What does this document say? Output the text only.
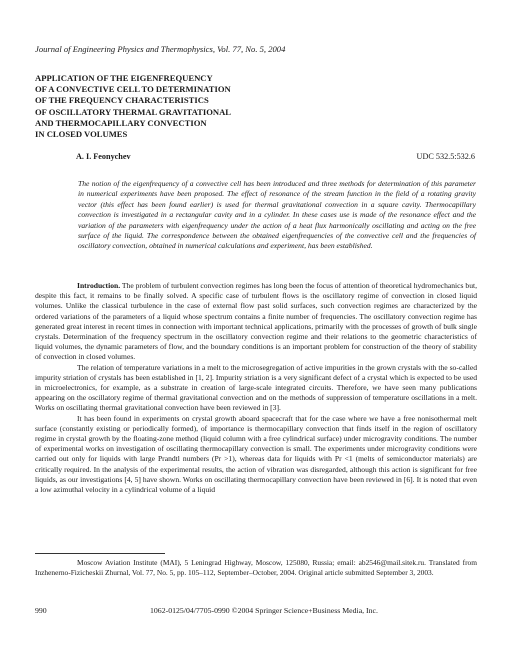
Journal of Engineering Physics and Thermophysics, Vol. 77, No. 5, 2004
APPLICATION OF THE EIGENFREQUENCY
OF A CONVECTIVE CELL TO DETERMINATION
OF THE FREQUENCY CHARACTERISTICS
OF OSCILLATORY THERMAL GRAVITATIONAL
AND THERMOCAPILLARY CONVECTION
IN CLOSED VOLUMES
A. I. Feonychev	UDC 532.5:532.6
The notion of the eigenfrequency of a convective cell has been introduced and three methods for determination of this parameter in numerical experiments have been proposed. The effect of resonance of the stream function in the field of a rotating gravity vector (this effect has been found earlier) is used for thermal gravitational convection in a square cavity. Thermocapillary convection is investigated in a rectangular cavity and in a cylinder. In these cases use is made of the resonance effect and the variation of the parameters with eigenfrequency under the action of a heat flux harmonically oscillating and acting on the free surface of the liquid. The correspondence between the obtained eigenfrequencies of the convective cell and the frequencies of oscillatory convection, obtained in numerical calculations and experiment, has been established.

Introduction. The problem of turbulent convection regimes has long been the focus of attention of theoretical hydromechanics but, despite this fact, it remains to be finally solved. A specific case of turbulent flows is the oscillatory regime of convection in closed liquid volumes. Unlike the classical turbulence in the case of external flow past solid surfaces, such convection regimes are characterized by the ordered variations of the parameters of a liquid whose spectrum contains a finite number of frequencies. The oscillatory convection regime has generated great interest in recent times in connection with important technical applications, primarily with the processes of growth of bulk single crystals. Determination of the frequency spectrum in the oscillatory convection regime and their relations to the geometric characteristics of liquid volumes, the dynamic parameters of flow, and the boundary conditions is an important problem for construction of the theory of stability of convection in closed volumes.

The relation of temperature variations in a melt to the microsegregation of active impurities in the grown crystals with the so-called impurity striation of crystals has been established in [1, 2]. Impurity striation is a very significant defect of a crystal which is expected to be used in microelectronics, for example, as a substrate in creation of large-scale integrated circuits. Therefore, we have seen many publications appearing on the oscillatory regime of thermal gravitational convection and on the methods of suppression of temperature oscillations in a melt. Works on oscillating thermal gravitational convection have been reviewed in [3].

It has been found in experiments on crystal growth aboard spacecraft that for the case where we have a free nonisothermal melt surface (constantly existing or periodically formed), of importance is thermocapillary convection that finds itself in the region of oscillatory regime in crystal growth by the floating-zone method (liquid column with a free cylindrical surface) under microgravity conditions. The number of experimental works on investigation of oscillating thermocapillary convection is small. The experiments under microgravity conditions were carried out only for liquids with large Prandtl numbers (Pr >1), whereas data for liquids with Pr <1 (melts of semiconductor materials) are critically required. In the analysis of the experimental results, the action of vibration was disregarded, although this action is significant for free liquids, as our investigations [4, 5] have shown. Works on oscillating thermocapillary convection have been reviewed in [6]. It is noted that even a low azimuthal velocity in a cylindrical volume of a liquid

Moscow Aviation Institute (MAI), 5 Leningrad Highway, Moscow, 125080, Russia; email: ab2546@mail.sitek.ru. Translated from Inzhenerno-Fizicheskii Zhurnal, Vol. 77, No. 5, pp. 105–112, September–October, 2004. Original article submitted September 3, 2003.

990	1062-0125/04/7705-0990 ©2004 Springer Science+Business Media, Inc.
